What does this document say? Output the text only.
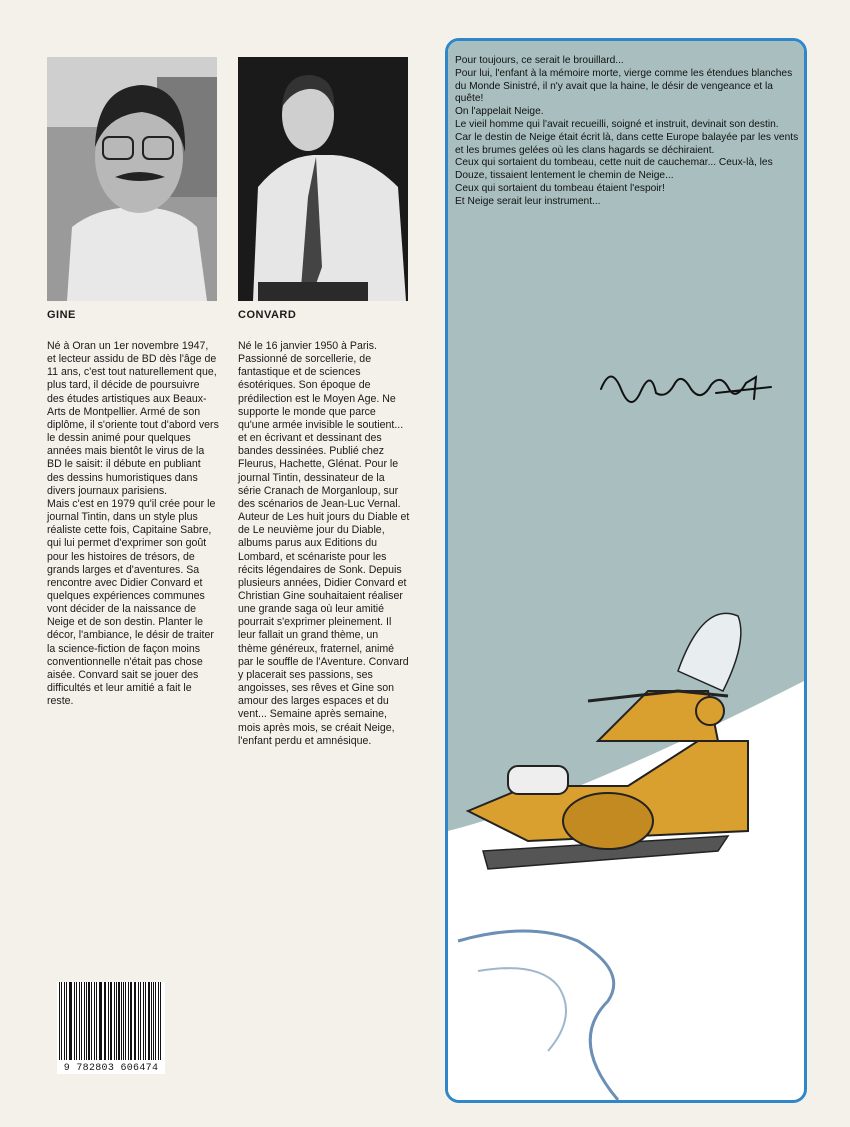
GINE	CONVARD

Né à Oran un 1er novembre 1947, et lecteur assidu de BD dès l'âge de 11 ans, c'est tout naturellement que, plus tard, il décide de poursuivre des études artistiques aux Beaux-Arts de Montpellier. Armé de son diplôme, il s'oriente tout d'abord vers le dessin animé pour quelques années mais bientôt le virus de la BD le saisit: il débute en publiant des dessins humoristiques dans divers journaux parisiens.

Mais c'est en 1979 qu'il crée pour le journal Tintin, dans un style plus réaliste cette fois, Capitaine Sabre, qui lui permet d'exprimer son goût pour les histoires de trésors, de grands larges et d'aventures. Sa rencontre avec Didier Convard et quelques expériences communes vont décider de la naissance de Neige et de son destin. Planter le décor, l'ambiance, le désir de traiter la science-fiction de façon moins conventionnelle n'était pas chose aisée. Convard sait se jouer des difficultés et leur amitié a fait le reste.

Né le 16 janvier 1950 à Paris. Passionné de sorcellerie, de fantastique et de sciences ésotériques. Son époque de prédilection est le Moyen Age. Ne supporte le monde que parce qu'une armée invisible le soutient... et en écrivant et dessinant des bandes dessinées. Publié chez Fleurus, Hachette, Glénat. Pour le journal Tintin, dessinateur de la série Cranach de Morganloup, sur des scénarios de Jean-Luc Vernal. Auteur de Les huit jours du Diable et de Le neuvième jour du Diable, albums parus aux Editions du Lombard, et scénariste pour les récits légendaires de Sonk. Depuis plusieurs années, Didier Convard et Christian Gine souhaitaient réaliser une grande saga où leur amitié pourrait s'exprimer pleinement. Il leur fallait un grand thème, un thème généreux, fraternel, animé par le souffle de l'Aventure. Convard y placerait ses passions, ses angoisses, ses rêves et Gine son amour des larges espaces et du vent... Semaine après semaine, mois après mois, se créait Neige, l'enfant perdu et amnésique.

Pour toujours, ce serait le brouillard...

Pour lui, l'enfant à la mémoire morte, vierge comme les étendues blanches du Monde Sinistré, il n'y avait que la haine, le désir de vengeance et la quête!

On l'appelait Neige.

Le vieil homme qui l'avait recueilli, soigné et instruit, devinait son destin.

Car le destin de Neige était écrit là, dans cette Europe balayée par les vents et les brumes gelées où les clans hagards se déchiraient.

Ceux qui sortaient du tombeau, cette nuit de cauchemar... Ceux-là, les Douze, tissaient lentement le chemin de Neige...

Ceux qui sortaient du tombeau étaient l'espoir!

Et Neige serait leur instrument...

9 782803 606474
